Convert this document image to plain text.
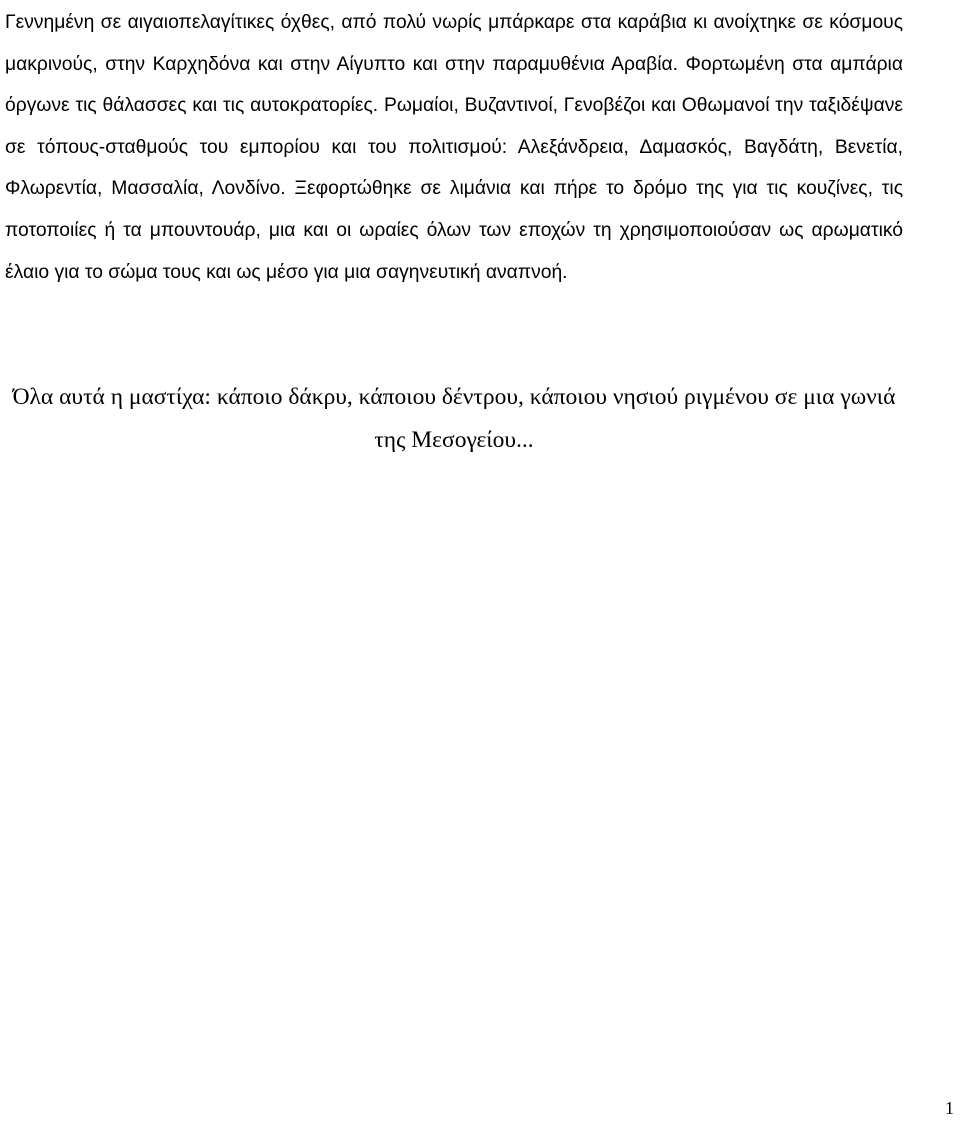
Γεννημένη σε αιγαιοπελαγίτικες όχθες, από πολύ νωρίς μπάρκαρε στα καράβια κι ανοίχτηκε σε κόσμους μακρινούς, στην Καρχηδόνα και στην Αίγυπτο και στην παραμυθένια Αραβία. Φορτωμένη στα αμπάρια όργωνε τις θάλασσες και τις αυτοκρατορίες. Ρωμαίοι, Βυζαντινοί, Γενοβέζοι και Οθωμανοί την ταξιδέψανε σε τόπους-σταθμούς του εμπορίου και του πολιτισμού: Αλεξάνδρεια, Δαμασκός, Βαγδάτη, Βενετία, Φλωρεντία, Μασσαλία, Λονδίνο. Ξεφορτώθηκε σε λιμάνια και πήρε το δρόμο της για τις κουζίνες, τις ποτοποιίες ή τα μπουντουάρ, μια και οι ωραίες όλων των εποχών τη χρησιμοποιούσαν ως αρωματικό έλαιο για το σώμα τους και ως μέσο για μια σαγηνευτική αναπνοή.

Όλα αυτά η μαστίχα: κάποιο δάκρυ, κάποιου δέντρου, κάποιου νησιού ριγμένου σε μια γωνιά της Μεσογείου...

1
